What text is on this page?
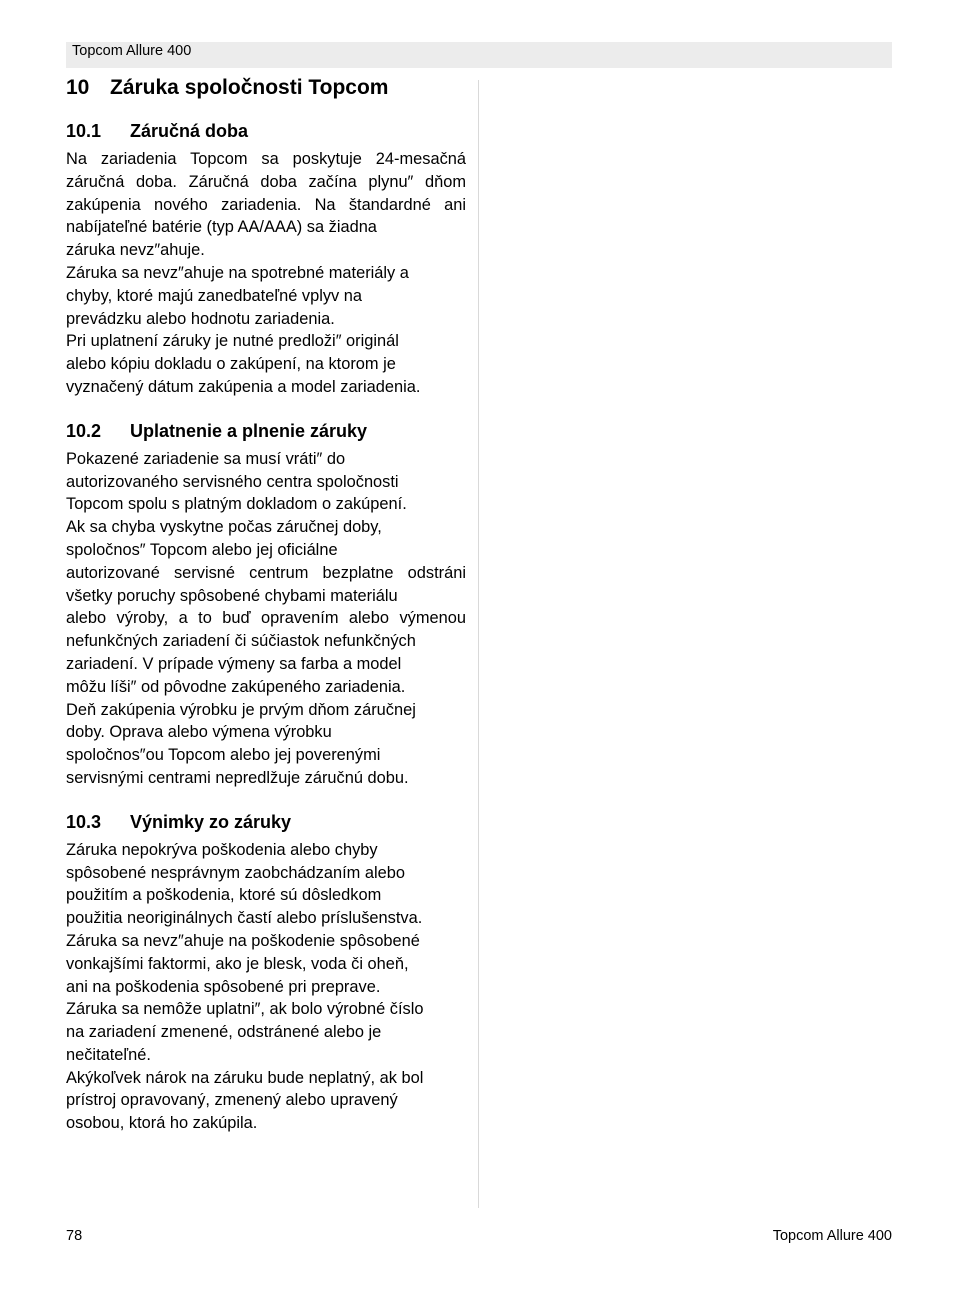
Topcom Allure 400
10 Záruka spoločnosti Topcom
10.1 Záručná doba
Na zariadenia Topcom sa poskytuje 24-mesačná
záručná doba. Záručná doba začína plynu″ dňom
zakúpenia nového zariadenia. Na štandardné ani
nabíjateľné batérie (typ AA/AAA) sa žiadna
záruka nevz″ahuje.
Záruka sa nevz″ahuje na spotrebné materiály a
chyby, ktoré majú zanedbateľné vplyv na
prevádzku alebo hodnotu zariadenia.
Pri uplatnení záruky je nutné predloži″ originál
alebo kópiu dokladu o zakúpení, na ktorom je
vyznačený dátum zakúpenia a model zariadenia.
10.2 Uplatnenie a plnenie záruky
Pokazené zariadenie sa musí vráti″ do
autorizovaného servisného centra spoločnosti
Topcom spolu s platným dokladom o zakúpení.
Ak sa chyba vyskytne počas záručnej doby,
spoločnos″ Topcom alebo jej oficiálne
autorizované servisné centrum bezplatne odstráni
všetky poruchy spôsobené chybami materiálu
alebo výroby, a to buď opravením alebo výmenou
nefunkčných zariadení či súčiastok nefunkčných
zariadení. V prípade výmeny sa farba a model
môžu líši″ od pôvodne zakúpeného zariadenia.
Deň zakúpenia výrobku je prvým dňom záručnej
doby. Oprava alebo výmena výrobku
spoločnos″ou Topcom alebo jej poverenými
servisnými centrami nepredlžuje záručnú dobu.
10.3 Výnimky zo záruky
Záruka nepokrýva poškodenia alebo chyby
spôsobené nesprávnym zaobchádzaním alebo
použitím a poškodenia, ktoré sú dôsledkom
použitia neoriginálnych častí alebo príslušenstva.
Záruka sa nevz″ahuje na poškodenie spôsobené
vonkajšími faktormi, ako je blesk, voda či oheň,
ani na poškodenia spôsobené pri preprave.
Záruka sa nemôže uplatni″, ak bolo výrobné číslo
na zariadení zmenené, odstránené alebo je
nečitateľné.
Akýkoľvek nárok na záruku bude neplatný, ak bol
prístroj opravovaný, zmenený alebo upravený
osobou, ktorá ho zakúpila.
78	Topcom Allure 400
